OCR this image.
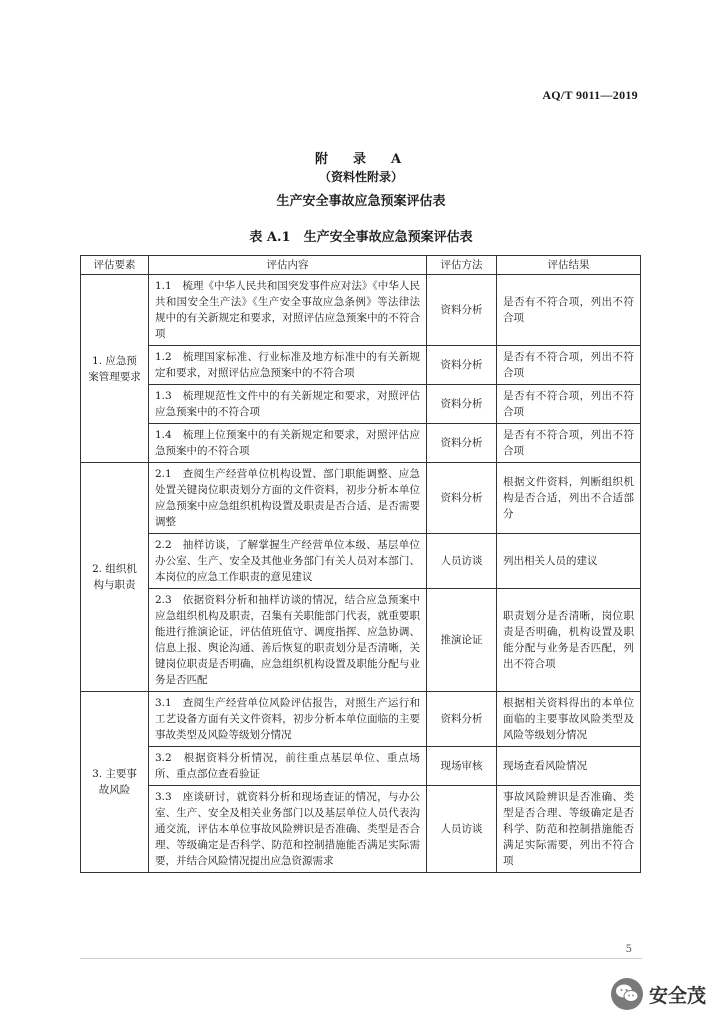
AQ/T 9011—2019
附　录　A
（资料性附录）
生产安全事故应急预案评估表
表 A.1　生产安全事故应急预案评估表
评估要素	评估内容	评估方法	评估结果
1. 应急预案管理要求	1.1　梳理《中华人民共和国突发事件应对法》《中华人民共和国安全生产法》《生产安全事故应急条例》等法律法规中的有关新规定和要求，对照评估应急预案中的不符合项	资料分析	是否有不符合项，列出不符合项
	1.2　梳理国家标准、行业标准及地方标准中的有关新规定和要求，对照评估应急预案中的不符合项	资料分析	是否有不符合项，列出不符合项
	1.3　梳理规范性文件中的有关新规定和要求，对照评估应急预案中的不符合项	资料分析	是否有不符合项，列出不符合项
	1.4　梳理上位预案中的有关新规定和要求，对照评估应急预案中的不符合项	资料分析	是否有不符合项，列出不符合项
2. 组织机构与职责	2.1　查阅生产经营单位机构设置、部门职能调整、应急处置关键岗位职责划分方面的文件资料，初步分析本单位应急预案中应急组织机构设置及职责是否合适、是否需要调整	资料分析	根据文件资料，判断组织机构是否合适，列出不合适部分
	2.2　抽样访谈，了解掌握生产经营单位本级、基层单位办公室、生产、安全及其他业务部门有关人员对本部门、本岗位的应急工作职责的意见建议	人员访谈	列出相关人员的建议
	2.3　依据资料分析和抽样访谈的情况，结合应急预案中应急组织机构及职责，召集有关职能部门代表，就重要职能进行推演论证，评估值班值守、调度指挥、应急协调、信息上报、舆论沟通、善后恢复的职责划分是否清晰，关键岗位职责是否明确，应急组织机构设置及职能分配与业务是否匹配	推演论证	职责划分是否清晰，岗位职责是否明确，机构设置及职能分配与业务是否匹配，列出不符合项
3. 主要事故风险	3.1　查阅生产经营单位风险评估报告，对照生产运行和工艺设备方面有关文件资料，初步分析本单位面临的主要事故类型及风险等级划分情况	资料分析	根据相关资料得出的本单位面临的主要事故风险类型及风险等级划分情况
	3.2　根据资料分析情况，前往重点基层单位、重点场所、重点部位查看验证	现场审核	现场查看风险情况
	3.3　座谈研讨，就资料分析和现场查证的情况，与办公室、生产、安全及相关业务部门以及基层单位人员代表沟通交流，评估本单位事故风险辨识是否准确、类型是否合理、等级确定是否科学、防范和控制措施能否满足实际需要，并结合风险情况提出应急资源需求	人员访谈	事故风险辨识是否准确、类型是否合理、等级确定是否科学、防范和控制措施能否满足实际需要，列出不符合项
5
安全茂
